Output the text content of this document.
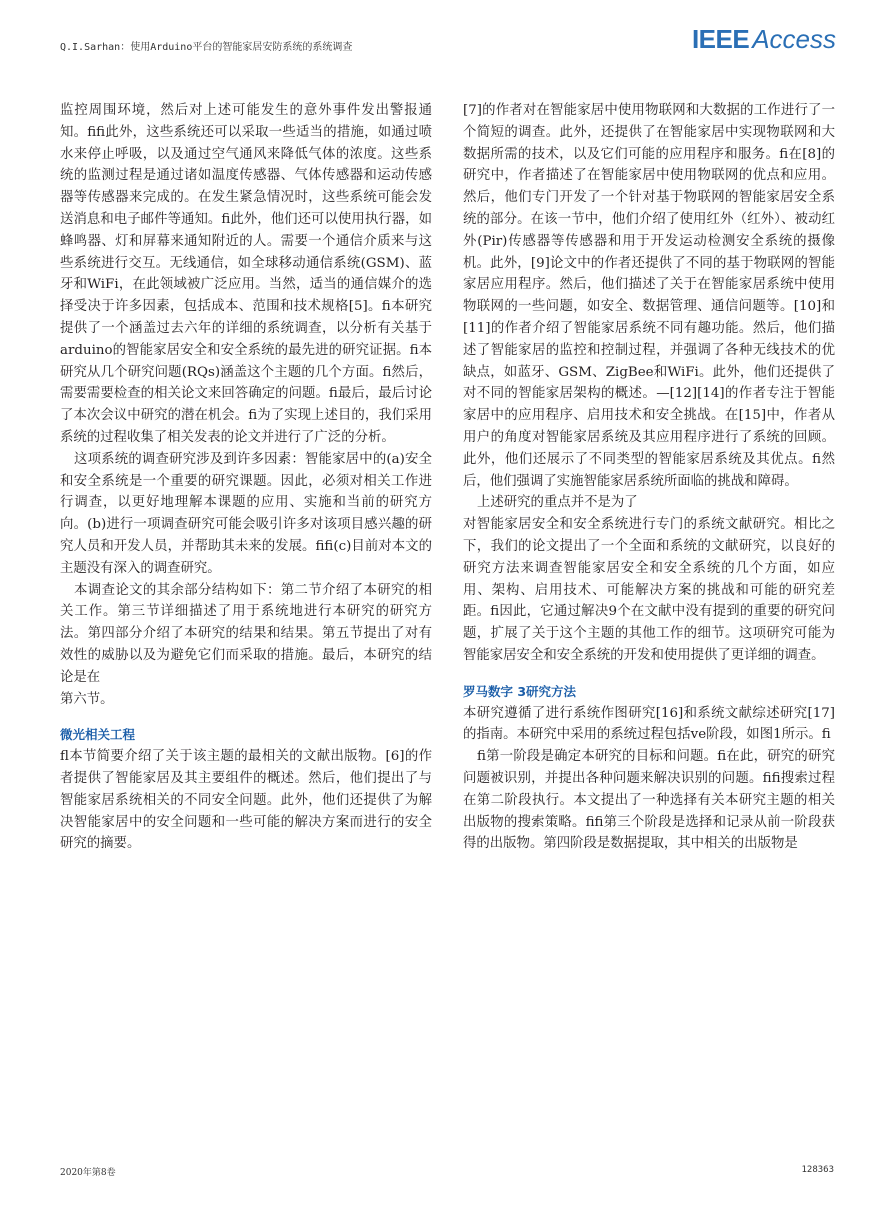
Q.I.Sarhan：使用Arduino平台的智能家居安防系统的系统调查	IEEE Access

监控周围环境，然后对上述可能发生的意外事件发出警报通知。fifi此外，这些系统还可以采取一些适当的措施，如通过喷水来停止呼吸，以及通过空气通风来降低气体的浓度。这些系统的监测过程是通过诸如温度传感器、气体传感器和运动传感器等传感器来完成的。在发生紧急情况时，这些系统可能会发送消息和电子邮件等通知。fi此外，他们还可以使用执行器，如蜂鸣器、灯和屏幕来通知附近的人。需要一个通信介质来与这些系统进行交互。无线通信，如全球移动通信系统(GSM)、蓝牙和WiFi，在此领域被广泛应用。当然，适当的通信媒介的选择受决于许多因素，包括成本、范围和技术规格[5]。fi本研究提供了一个涵盖过去六年的详细的系统调查，以分析有关基于arduino的智能家居安全和安全系统的最先进的研究证据。fi本研究从几个研究问题(RQs)涵盖这个主题的几个方面。fi然后，需要需要检查的相关论文来回答确定的问题。fi最后，最后讨论了本次会议中研究的潜在机会。fi为了实现上述目的，我们采用系统的过程收集了相关发表的论文并进行了广泛的分析。

这项系统的调查研究涉及到许多因素：智能家居中的(a)安全和安全系统是一个重要的研究课题。因此，必须对相关工作进行调查，以更好地理解本课题的应用、实施和当前的研究方向。(b)进行一项调查研究可能会吸引许多对该项目感兴趣的研究人员和开发人员，并帮助其未来的发展。fifi(c)目前对本文的主题没有深入的调查研究。

本调查论文的其余部分结构如下：第二节介绍了本研究的相关工作。第三节详细描述了用于系统地进行本研究的研究方法。第四部分介绍了本研究的结果和结果。第五节提出了对有效性的威胁以及为避免它们而采取的措施。最后，本研究的结论是在

第六节。

微光相关工程

fl本节简要介绍了关于该主题的最相关的文献出版物。[6]的作者提供了智能家居及其主要组件的概述。然后，他们提出了与智能家居系统相关的不同安全问题。此外，他们还提供了为解决智能家居中的安全问题和一些可能的解决方案而进行的安全研究的摘要。

[7]的作者对在智能家居中使用物联网和大数据的工作进行了一个简短的调查。此外，还提供了在智能家居中实现物联网和大数据所需的技术，以及它们可能的应用程序和服务。fi在[8]的研究中，作者描述了在智能家居中使用物联网的优点和应用。然后，他们专门开发了一个针对基于物联网的智能家居安全系统的部分。在该一节中，他们介绍了使用红外（红外）、被动红外(Pir)传感器等传感器和用于开发运动检测安全系统的摄像机。此外，[9]论文中的作者还提供了不同的基于物联网的智能家居应用程序。然后，他们描述了关于在智能家居系统中使用物联网的一些问题，如安全、数据管理、通信问题等。[10]和[11]的作者介绍了智能家居系统不同有趣功能。然后，他们描述了智能家居的监控和控制过程，并强调了各种无线技术的优缺点，如蓝牙、GSM、ZigBee和WiFi。此外，他们还提供了对不同的智能家居架构的概述。—[12][14]的作者专注于智能家居中的应用程序、启用技术和安全挑战。在[15]中，作者从用户的角度对智能家居系统及其应用程序进行了系统的回顾。此外，他们还展示了不同类型的智能家居系统及其优点。fi然后，他们强调了实施智能家居系统所面临的挑战和障碍。

上述研究的重点并不是为了

对智能家居安全和安全系统进行专门的系统文献研究。相比之下，我们的论文提出了一个全面和系统的文献研究，以良好的研究方法来调查智能家居安全和安全系统的几个方面，如应用、架构、启用技术、可能解决方案的挑战和可能的研究差距。fi因此，它通过解决9个在文献中没有提到的重要的研究问题，扩展了关于这个主题的其他工作的细节。这项研究可能为智能家居安全和安全系统的开发和使用提供了更详细的调查。

罗马数字 3研究方法

本研究遵循了进行系统作图研究[16]和系统文献综述研究[17]的指南。本研究中采用的系统过程包括ve阶段，如图1所示。fi

fi第一阶段是确定本研究的目标和问题。fi在此，研究的研究问题被识别，并提出各种问题来解决识别的问题。fifi搜索过程在第二阶段执行。本文提出了一种选择有关本研究主题的相关出版物的搜索策略。fifi第三个阶段是选择和记录从前一阶段获得的出版物。第四阶段是数据提取，其中相关的出版物是

2020年第8卷	128363
